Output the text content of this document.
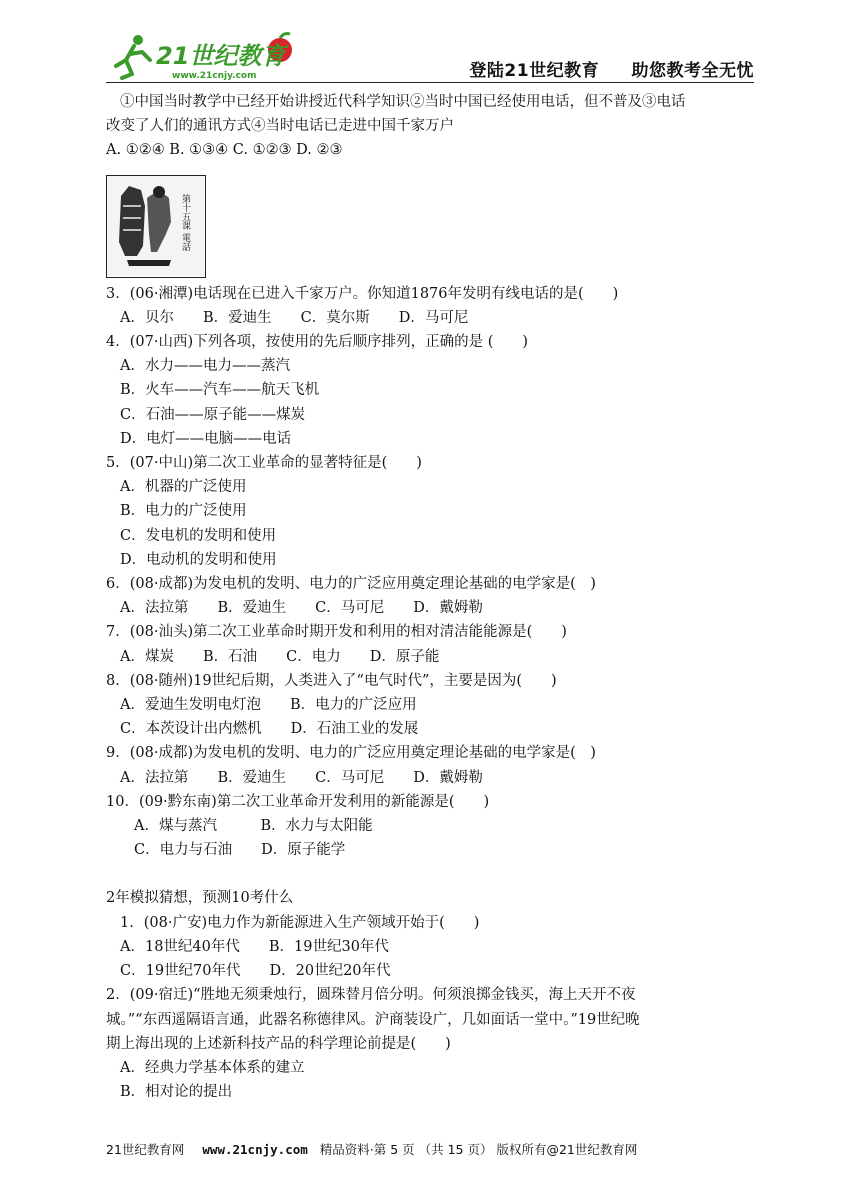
21世纪教育
www.21cnjy.com	登陆21世纪教育 助您教考全无忧
①中国当时教学中已经开始讲授近代科学知识②当时中国已经使用电话，但不普及③电话
改变了人们的通讯方式④当时电话已走进中国千家万户
A. ①②④ B. ①③④ C. ①②③ D. ②③
第十五课 電話
3．(06·湘潭)电话现在已进入千家万户。你知道1876年发明有线电话的是(　　)
A．贝尔　　B．爱迪生　　C．莫尔斯　　D．马可尼
4．(07·山西)下列各项，按使用的先后顺序排列，正确的是 (　　)
A．水力——电力——蒸汽
B．火车——汽车——航天飞机
C．石油——原子能——煤炭
D．电灯——电脑——电话
5．(07·中山)第二次工业革命的显著特征是(　　)
A．机器的广泛使用
B．电力的广泛使用
C．发电机的发明和使用
D．电动机的发明和使用
6．(08·成都)为发电机的发明、电力的广泛应用奠定理论基础的电学家是(　)
A．法拉第　　B．爱迪生　　C．马可尼　　D．戴姆勒
7．(08·汕头)第二次工业革命时期开发和利用的相对清洁能能源是(　　)
A．煤炭　　B．石油　　C．电力　　D．原子能
8．(08·随州)19世纪后期，人类进入了“电气时代”，主要是因为(　　)
A．爱迪生发明电灯泡　　B．电力的广泛应用
C．本茨设计出内燃机　　D．石油工业的发展
9．(08·成都)为发电机的发明、电力的广泛应用奠定理论基础的电学家是(　)
A．法拉第　　B．爱迪生　　C．马可尼　　D．戴姆勒
10．(09·黔东南)第二次工业革命开发利用的新能源是(　　)
A．煤与蒸汽　　　B．水力与太阳能
C．电力与石油　　D．原子能学
2年模拟猜想，预测10考什么
1．(08·广安)电力作为新能源进入生产领域开始于(　　)
A．18世纪40年代　　B．19世纪30年代
C．19世纪70年代　　D．20世纪20年代
2．(09·宿迁)“胜地无须秉烛行，圆珠替月倍分明。何须浪掷金钱买，海上天开不夜
城。”“东西遥隔语言通，此器名称德律风。沪商装设广，几如面话一堂中。”19世纪晚
期上海出现的上述新科技产品的科学理论前提是(　　)
A．经典力学基本体系的建立
B．相对论的提出
21世纪教育网 www.21cnjy.com 精品资料·第 5 页 （共 15 页） 版权所有@21世纪教育网
